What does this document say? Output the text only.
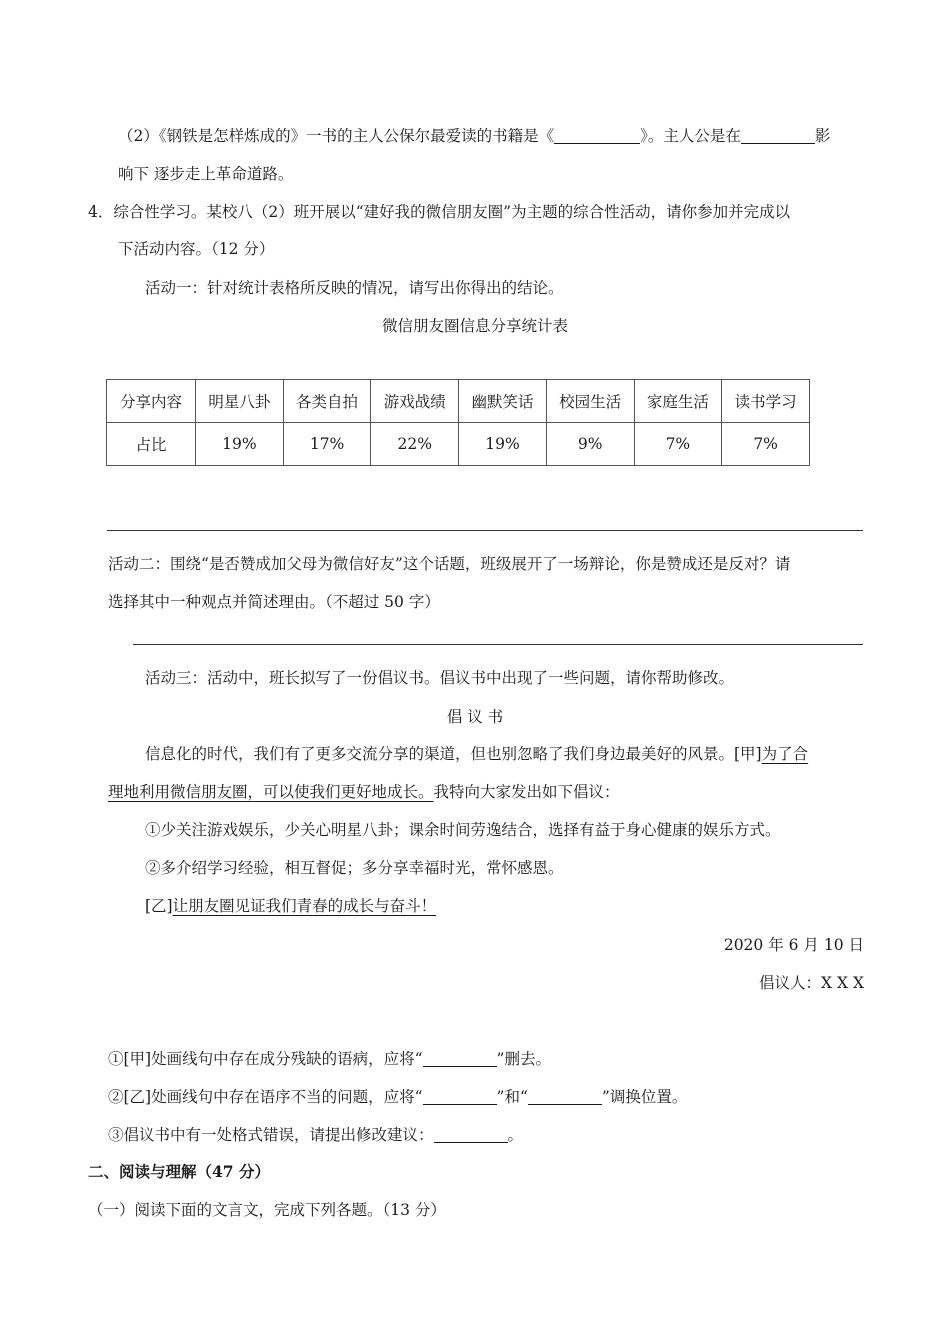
（2）《钢铁是怎样炼成的》一书的主人公保尔最爱读的书籍是《	》。主人公是在	影
响下 逐步走上革命道路。
4．综合性学习。某校八（2）班开展以“建好我的微信朋友圈”为主题的综合性活动，请你参加并完成以
下活动内容。（12 分）
活动一：针对统计表格所反映的情况，请写出你得出的结论。
微信朋友圈信息分享统计表
分享内容	明星八卦	各类自拍	游戏战绩	幽默笑话	校园生活	家庭生活	读书学习
占比	19%	17%	22%	19%	9%	7%	7%
活动二：围绕“是否赞成加父母为微信好友”这个话题，班级展开了一场辩论，你是赞成还是反对？请
选择其中一种观点并简述理由。（不超过 50 字）
活动三：活动中，班长拟写了一份倡议书。倡议书中出现了一些问题，请你帮助修改。
倡 议 书
信息化的时代，我们有了更多交流分享的渠道，但也别忽略了我们身边最美好的风景。[甲]为了合
理地利用微信朋友圈，可以使我们更好地成长。我特向大家发出如下倡议：
①少关注游戏娱乐，少关心明星八卦；课余时间劳逸结合，选择有益于身心健康的娱乐方式。
②多介绍学习经验，相互督促；多分享幸福时光，常怀感恩。
[乙]让朋友圈见证我们青春的成长与奋斗！
2020 年 6 月 10 日
倡议人：X X X
①[甲]处画线句中存在成分残缺的语病，应将“	”删去。
②[乙]处画线句中存在语序不当的问题，应将“	”和“	”调换位置。
③倡议书中有一处格式错误，请提出修改建议：	。
二、阅读与理解（47 分）
（一）阅读下面的文言文，完成下列各题。（13 分）
